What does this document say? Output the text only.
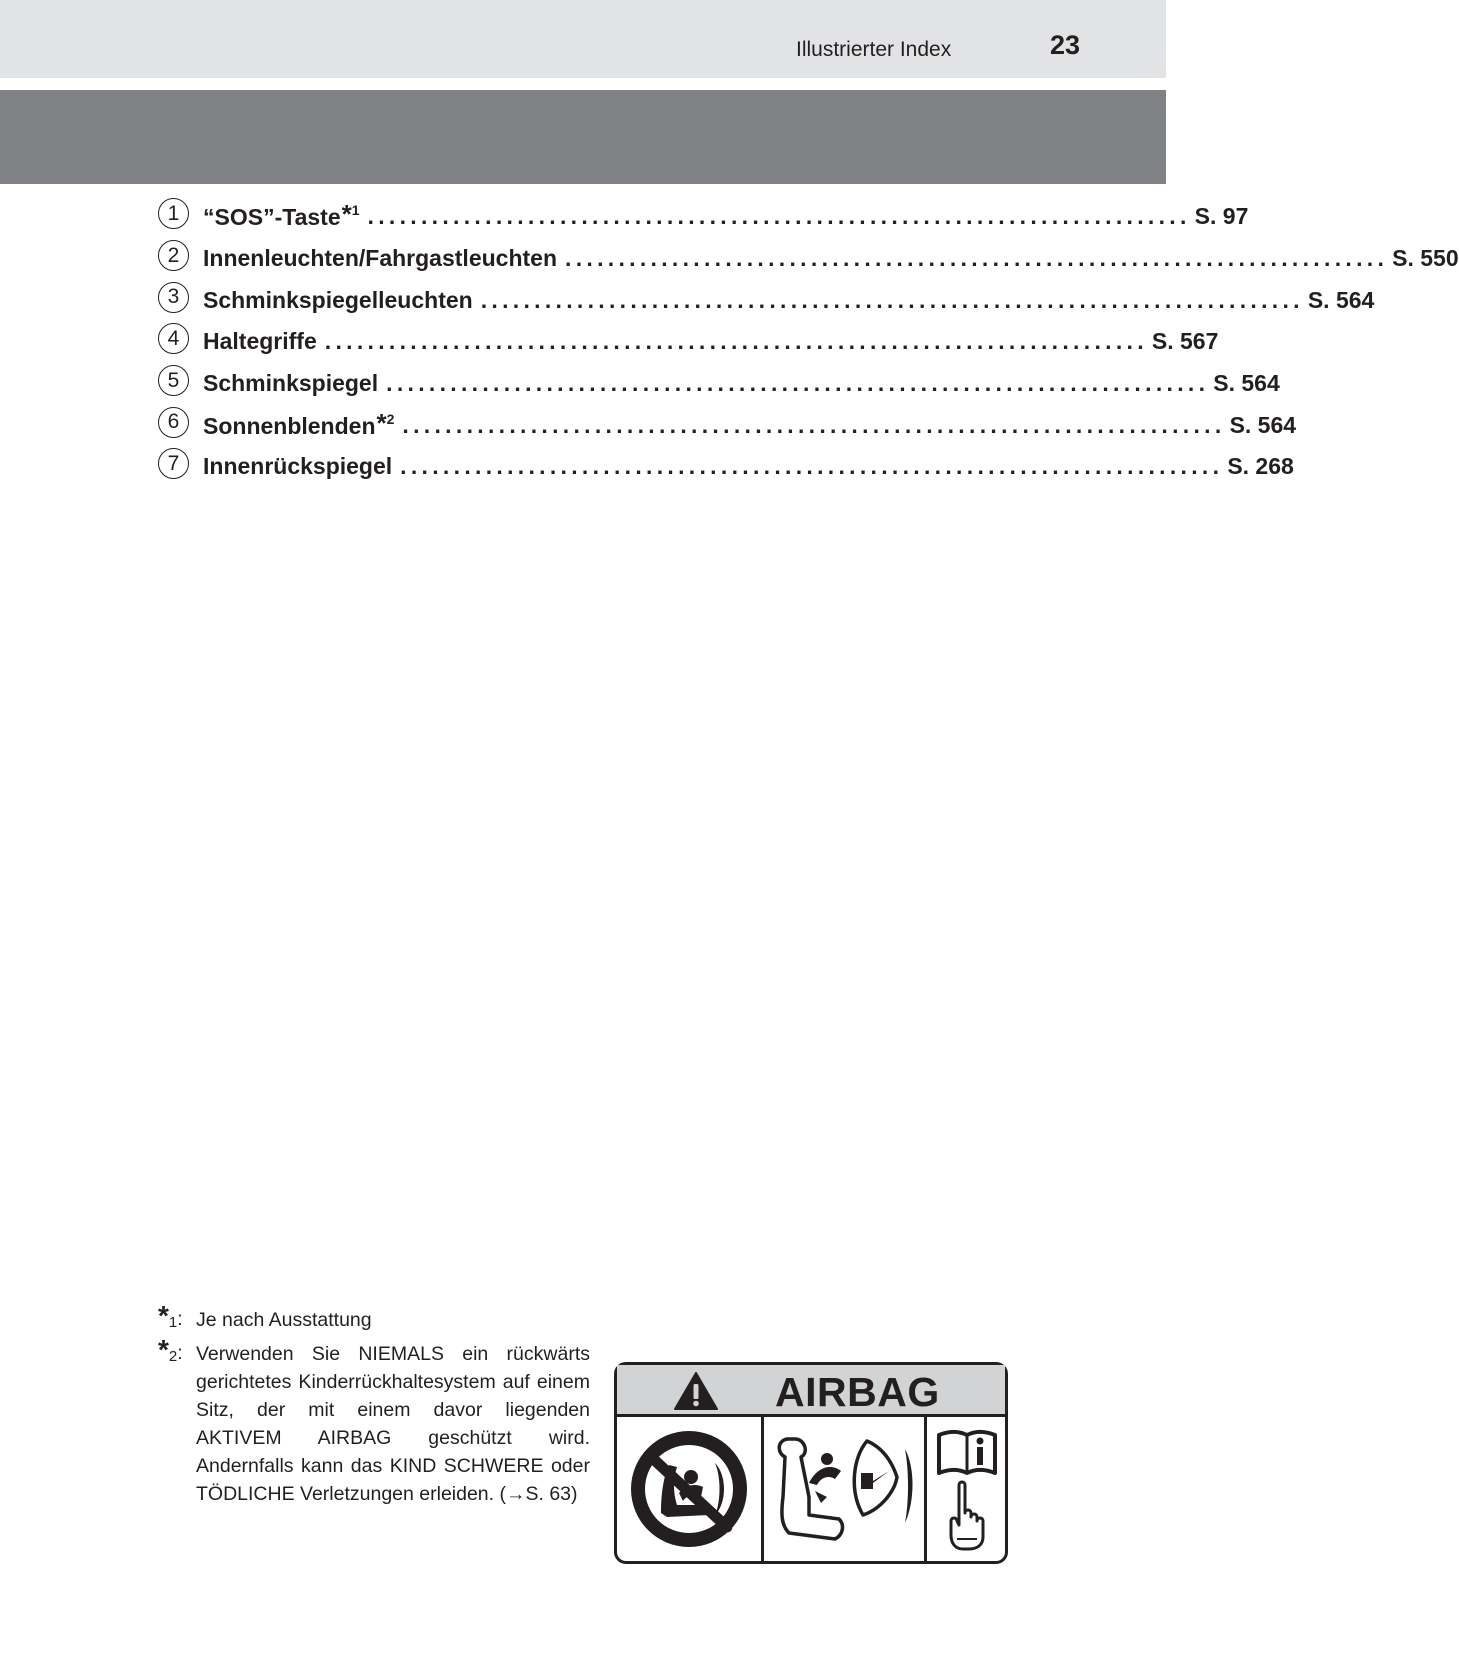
Illustrierter Index	23
1	“SOS”-Taste*$^1$ ............................................................................. S. 97
2	Innenleuchten/Fahrgastleuchten ............................................................................. S. 550
3	Schminkspiegelleuchten ............................................................................. S. 564
4	Haltegriffe ............................................................................. S. 567
5	Schminkspiegel ............................................................................. S. 564
6	Sonnenblenden*$^2$ ............................................................................. S. 564
7	Innenrückspiegel ............................................................................. S. 268
*1: Je nach Ausstattung
*2: Verwenden Sie NIEMALS ein rückwärts gerichtetes Kinderrückhaltesystem auf einem Sitz, der mit einem davor liegenden AKTIVEM AIRBAG geschützt wird. Andernfalls kann das KIND SCHWERE oder TÖDLICHE Verletzungen erleiden. (→S. 63)
AIRBAG
